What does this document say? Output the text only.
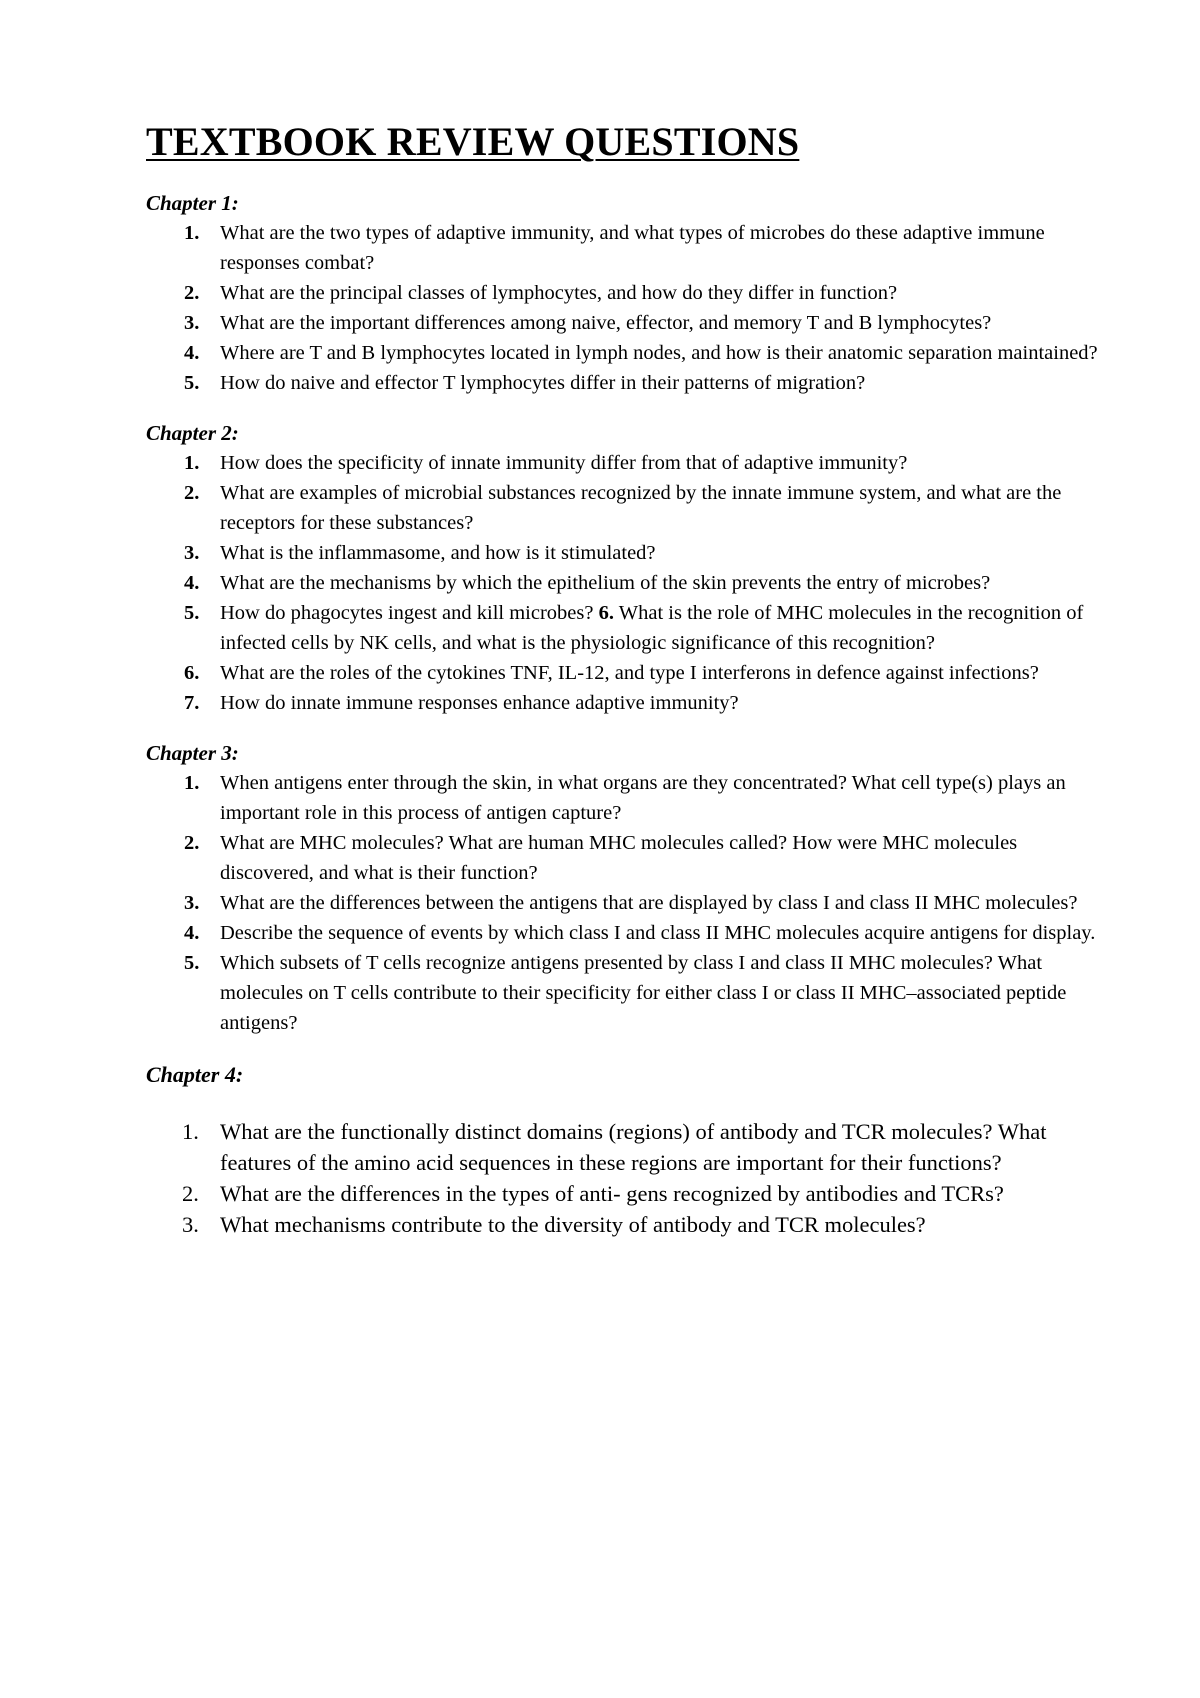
TEXTBOOK REVIEW QUESTIONS
Chapter 1:
1. What are the two types of adaptive immunity, and what types of microbes do these adaptive immune responses combat?
2. What are the principal classes of lymphocytes, and how do they differ in function?
3. What are the important differences among naive, effector, and memory T and B lymphocytes?
4. Where are T and B lymphocytes located in lymph nodes, and how is their anatomic separation maintained?
5. How do naive and effector T lymphocytes differ in their patterns of migration?
Chapter 2:
1. How does the specificity of innate immunity differ from that of adaptive immunity?
2. What are examples of microbial substances recognized by the innate immune system, and what are the receptors for these substances?
3. What is the inflammasome, and how is it stimulated?
4. What are the mechanisms by which the epithelium of the skin prevents the entry of microbes?
5. How do phagocytes ingest and kill microbes? 6. What is the role of MHC molecules in the recognition of infected cells by NK cells, and what is the physiologic significance of this recognition?
6. What are the roles of the cytokines TNF, IL-12, and type I interferons in defence against infections?
7. How do innate immune responses enhance adaptive immunity?
Chapter 3:
1. When antigens enter through the skin, in what organs are they concentrated? What cell type(s) plays an important role in this process of antigen capture?
2. What are MHC molecules? What are human MHC molecules called? How were MHC molecules discovered, and what is their function?
3. What are the differences between the antigens that are displayed by class I and class II MHC molecules?
4. Describe the sequence of events by which class I and class II MHC molecules acquire antigens for display.
5. Which subsets of T cells recognize antigens presented by class I and class II MHC molecules? What molecules on T cells contribute to their specificity for either class I or class II MHC–associated peptide antigens?
Chapter 4:
1. What are the functionally distinct domains (regions) of antibody and TCR molecules? What features of the amino acid sequences in these regions are important for their functions?
2. What are the differences in the types of anti- gens recognized by antibodies and TCRs?
3. What mechanisms contribute to the diversity of antibody and TCR molecules?
